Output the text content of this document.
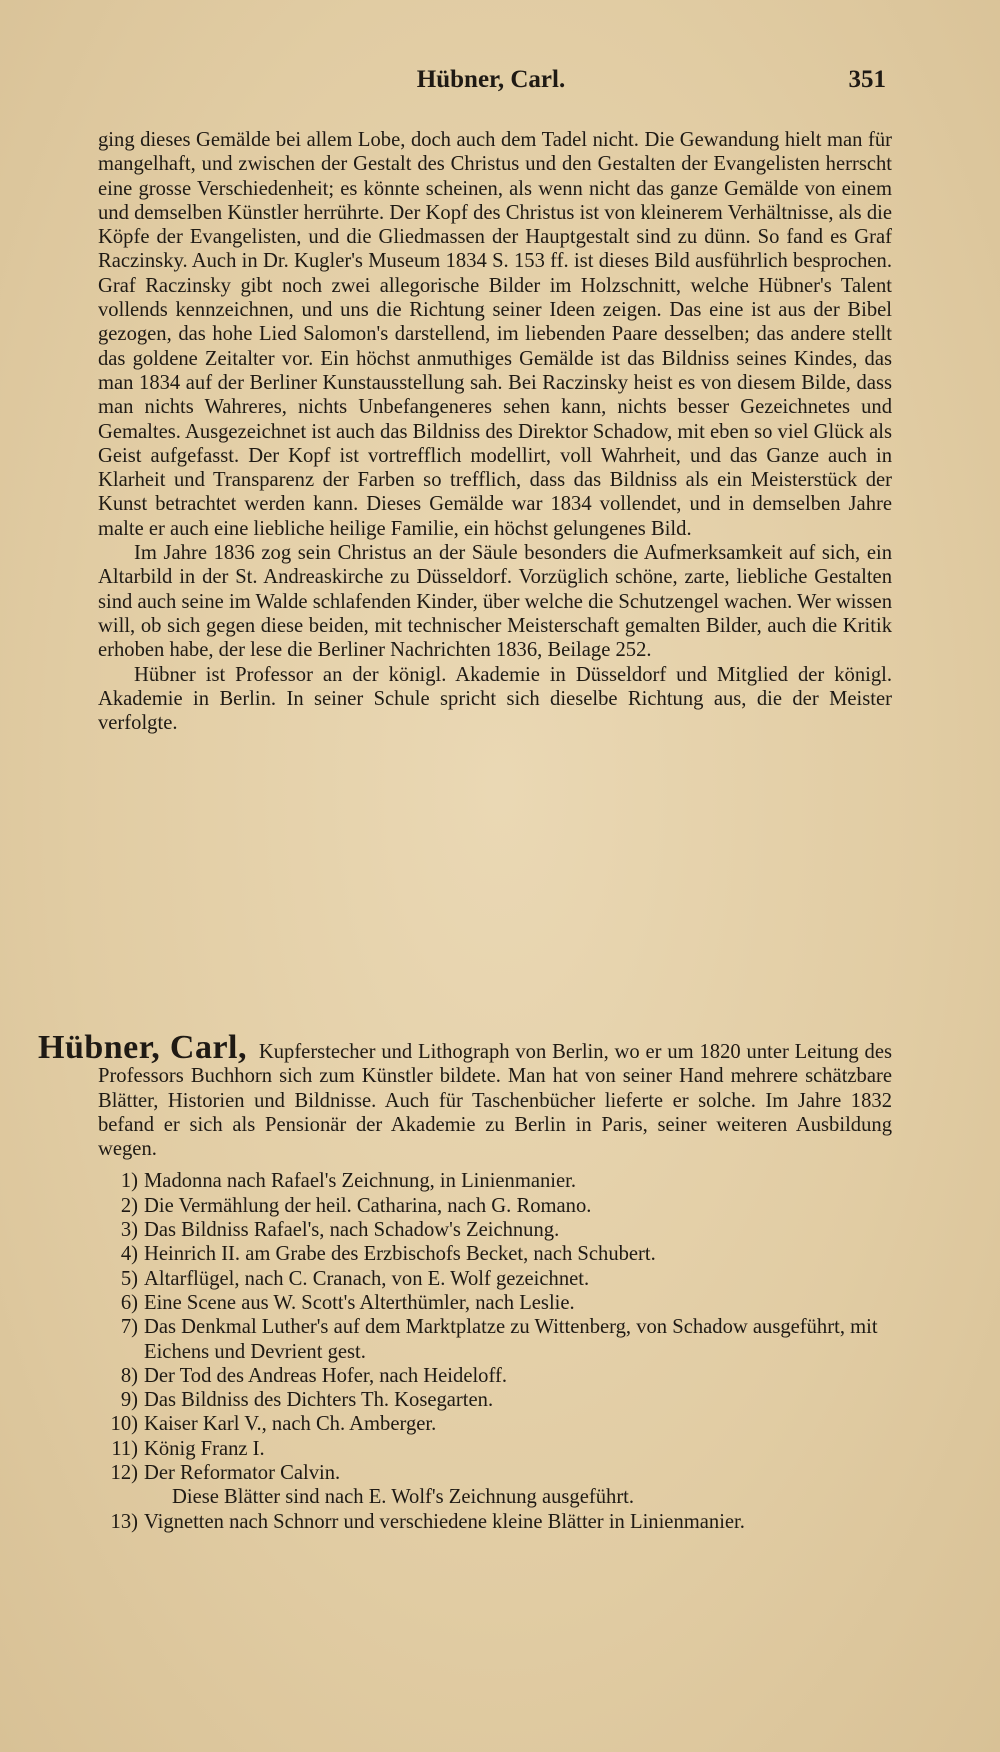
Hübner, Carl.	351

ging dieses Gemälde bei allem Lobe, doch auch dem Tadel nicht. Die Gewandung hielt man für mangelhaft, und zwischen der Gestalt des Christus und den Gestalten der Evangelisten herrscht eine grosse Verschiedenheit; es könnte scheinen, als wenn nicht das ganze Gemälde von einem und demselben Künstler herrührte. Der Kopf des Christus ist von kleinerem Verhältnisse, als die Köpfe der Evangelisten, und die Gliedmassen der Hauptgestalt sind zu dünn. So fand es Graf Raczinsky. Auch in Dr. Kugler's Museum 1834 S. 153 ff. ist dieses Bild ausführlich besprochen. Graf Raczinsky gibt noch zwei allegorische Bilder im Holzschnitt, welche Hübner's Talent vollends kennzeichnen, und uns die Richtung seiner Ideen zeigen. Das eine ist aus der Bibel gezogen, das hohe Lied Salomon's darstellend, im liebenden Paare desselben; das andere stellt das goldene Zeitalter vor. Ein höchst anmuthiges Gemälde ist das Bildniss seines Kindes, das man 1834 auf der Berliner Kunstausstellung sah. Bei Raczinsky heist es von diesem Bilde, dass man nichts Wahreres, nichts Unbefangeneres sehen kann, nichts besser Gezeichnetes und Gemaltes. Ausgezeichnet ist auch das Bildniss des Direktor Schadow, mit eben so viel Glück als Geist aufgefasst. Der Kopf ist vortrefflich modellirt, voll Wahrheit, und das Ganze auch in Klarheit und Transparenz der Farben so trefflich, dass das Bildniss als ein Meisterstück der Kunst betrachtet werden kann. Dieses Gemälde war 1834 vollendet, und in demselben Jahre malte er auch eine liebliche heilige Familie, ein höchst gelungenes Bild.

Im Jahre 1836 zog sein Christus an der Säule besonders die Aufmerksamkeit auf sich, ein Altarbild in der St. Andreaskirche zu Düsseldorf. Vorzüglich schöne, zarte, liebliche Gestalten sind auch seine im Walde schlafenden Kinder, über welche die Schutzengel wachen. Wer wissen will, ob sich gegen diese beiden, mit technischer Meisterschaft gemalten Bilder, auch die Kritik erhoben habe, der lese die Berliner Nachrichten 1836, Beilage 252.

Hübner ist Professor an der königl. Akademie in Düsseldorf und Mitglied der königl. Akademie in Berlin. In seiner Schule spricht sich dieselbe Richtung aus, die der Meister verfolgte.

Hübner, Carl, Kupferstecher und Lithograph von Berlin, wo er um 1820 unter Leitung des Professors Buchhorn sich zum Künstler bildete. Man hat von seiner Hand mehrere schätzbare Blätter, Historien und Bildnisse. Auch für Taschenbücher lieferte er solche. Im Jahre 1832 befand er sich als Pensionär der Akademie zu Berlin in Paris, seiner weiteren Ausbildung wegen.

1) Madonna nach Rafael's Zeichnung, in Linienmanier.
2) Die Vermählung der heil. Catharina, nach G. Romano.
3) Das Bildniss Rafael's, nach Schadow's Zeichnung.
4) Heinrich II. am Grabe des Erzbischofs Becket, nach Schubert.
5) Altarflügel, nach C. Cranach, von E. Wolf gezeichnet.
6) Eine Scene aus W. Scott's Alterthümler, nach Leslie.
7) Das Denkmal Luther's auf dem Marktplatze zu Wittenberg, von Schadow ausgeführt, mit Eichens und Devrient gest.
8) Der Tod des Andreas Hofer, nach Heideloff.
9) Das Bildniss des Dichters Th. Kosegarten.
10) Kaiser Karl V., nach Ch. Amberger.
11) König Franz I.
12) Der Reformator Calvin.

Diese Blätter sind nach E. Wolf's Zeichnung ausgeführt.

13) Vignetten nach Schnorr und verschiedene kleine Blätter in Linienmanier.
